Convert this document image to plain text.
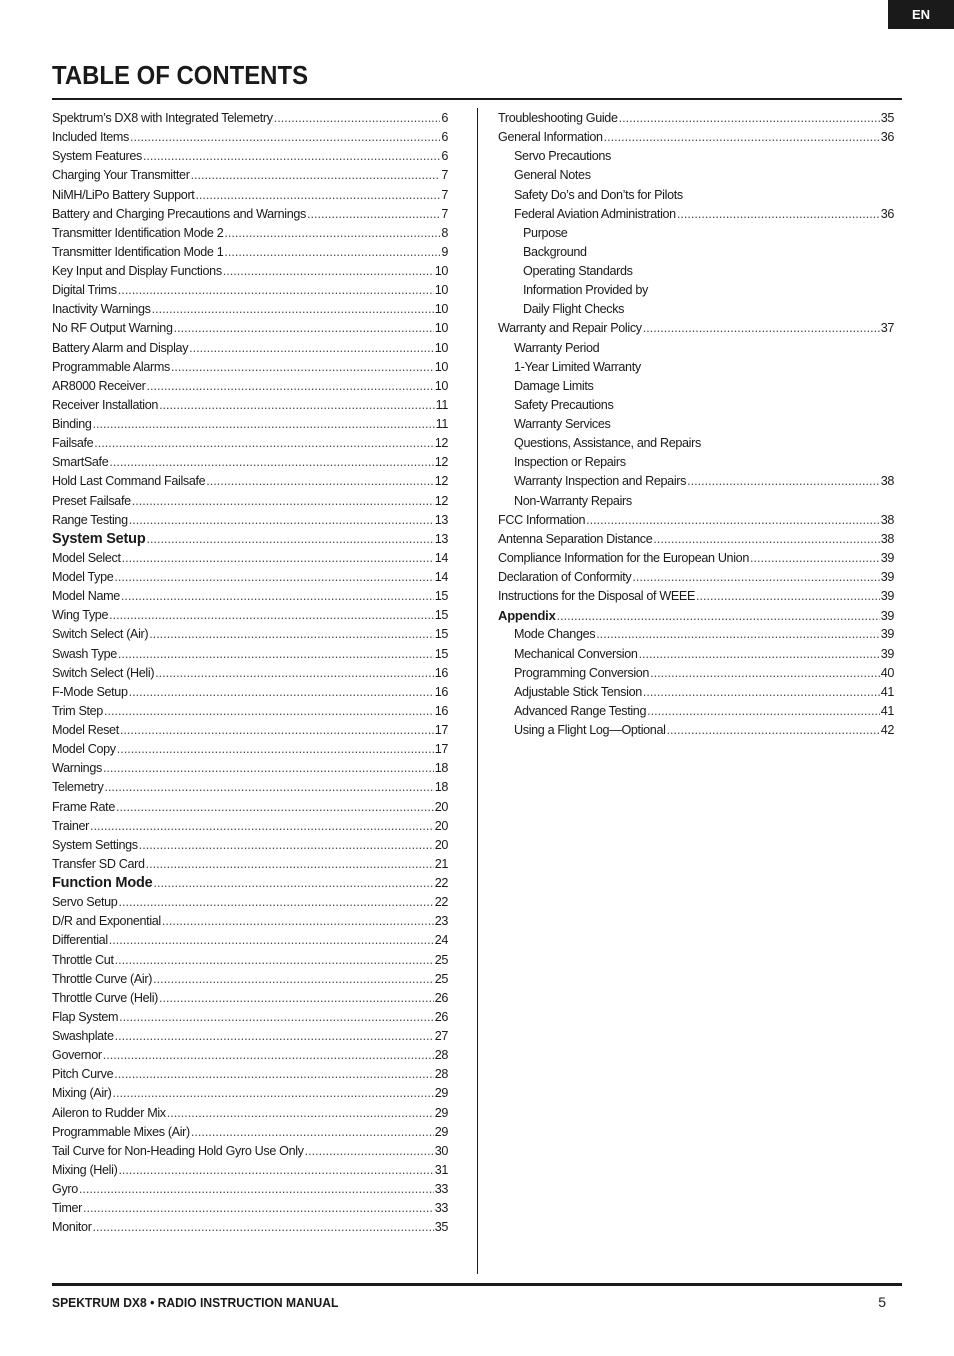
EN
TABLE OF CONTENTS
Spektrum’s DX8 with Integrated Telemetry .....	6
Included Items .....	6
System Features .....	6
Charging Your Transmitter .....	7
NiMH/LiPo Battery Support .....	7
Battery and Charging Precautions and Warnings .....	7
Transmitter Identification Mode 2 .....	8
Transmitter Identification Mode 1 .....	9
Key Input and Display Functions .....	10
Digital Trims .....	10
Inactivity Warnings .....	10
No RF Output Warning .....	10
Battery Alarm and Display .....	10
Programmable Alarms .....	10
AR8000 Receiver .....	10
Receiver Installation .....	11
Binding .....	11
Failsafe .....	12
SmartSafe .....	12
Hold Last Command Failsafe .....	12
Preset Failsafe .....	12
Range Testing .....	13
System Setup .....	13
Model Select .....	14
Model Type .....	14
Model Name .....	15
Wing Type .....	15
Switch Select (Air) .....	15
Swash Type .....	15
Switch Select (Heli) .....	16
F-Mode Setup .....	16
Trim Step .....	16
Model Reset .....	17
Model Copy .....	17
Warnings .....	18
Telemetry .....	18
Frame Rate .....	20
Trainer .....	20
System Settings .....	20
Transfer SD Card .....	21
Function Mode .....	22
Servo Setup .....	22
D/R and Exponential .....	23
Differential .....	24
Throttle Cut .....	25
Throttle Curve (Air) .....	25
Throttle Curve (Heli) .....	26
Flap System .....	26
Swashplate .....	27
Governor .....	28
Pitch Curve .....	28
Mixing (Air) .....	29
Aileron to Rudder Mix .....	29
Programmable Mixes (Air) .....	29
Tail Curve for Non-Heading Hold Gyro Use Only .....	30
Mixing (Heli) .....	31
Gyro .....	33
Timer .....	33
Monitor .....	35
Troubleshooting Guide .....	35
General Information .....	36
Servo Precautions
General Notes
Safety Do’s and Don’ts for Pilots
Federal Aviation Administration .....	36
Purpose
Background
Operating Standards
Information Provided by
Daily Flight Checks
Warranty and Repair Policy .....	37
Warranty Period
1-Year Limited Warranty
Damage Limits
Safety Precautions
Warranty Services
Questions, Assistance, and Repairs
Inspection or Repairs
Warranty Inspection and Repairs .....	38
Non-Warranty Repairs
FCC Information .....	38
Antenna Separation Distance .....	38
Compliance Information for the European Union .....	39
Declaration of Conformity .....	39
Instructions for the Disposal of WEEE .....	39
Appendix .....	39
Mode Changes .....	39
Mechanical Conversion .....	39
Programming Conversion .....	40
Adjustable Stick Tension .....	41
Advanced Range Testing .....	41
Using a Flight Log—Optional .....	42
SPEKTRUM DX8 • RADIO INSTRUCTION MANUAL	5
